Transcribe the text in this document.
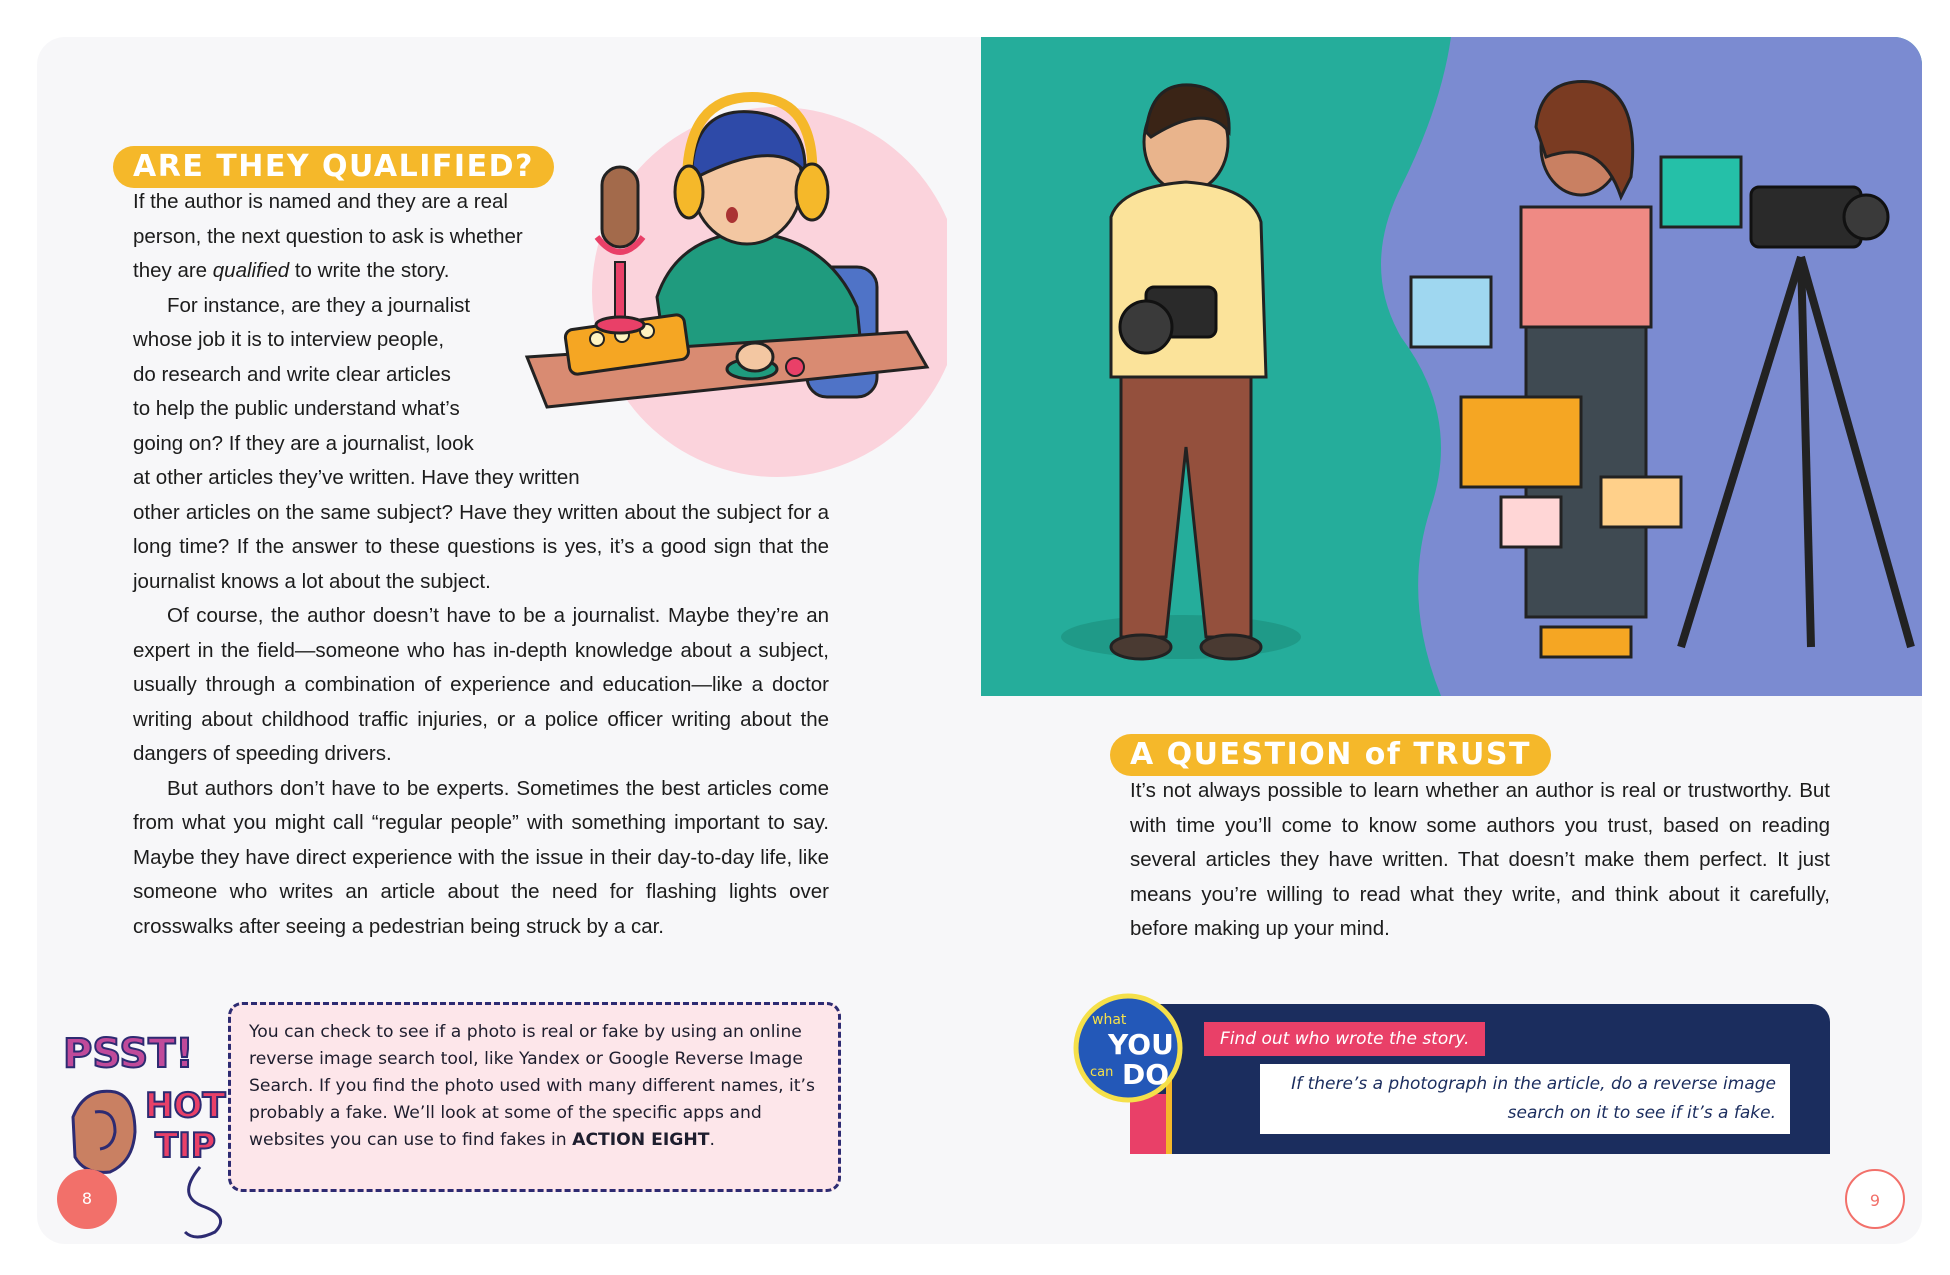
ARE THEY QUALIFIED?

If the author is named and they are a real
person, the next question to ask is whether
they are qualified to write the story.

For instance, are they a journalist
whose job it is to interview people,
do research and write clear articles
to help the public understand what’s
going on? If they are a journalist, look
at other articles they’ve written. Have they written
other articles on the same subject? Have they written about the subject for a long time? If the answer to these questions is yes, it’s a good sign that the journalist knows a lot about the subject.

Of course, the author doesn’t have to be a journalist. Maybe they’re an expert in the field—someone who has in-depth knowledge about a subject, usually through a combination of experience and education—like a doctor writing about childhood traffic injuries, or a police officer writing about the dangers of speeding drivers.

But authors don’t have to be experts. Sometimes the best articles come from what you might call “regular people” with something important to say. Maybe they have direct experience with the issue in their day-to-day life, like someone who writes an article about the need for flashing lights over crosswalks after seeing a pedestrian being struck by a car.

PSST!
HOT
TIP
You can check to see if a photo is real or fake by using an online reverse image search tool, like Yandex or Google Reverse Image Search. If you find the photo used with many different names, it’s probably a fake. We’ll look at some of the specific apps and websites you can use to find fakes in ACTION EIGHT.
8
A QUESTION of TRUST

It’s not always possible to learn whether an author is real or trustworthy. But with time you’ll come to know some authors you trust, based on reading several articles they have written. That doesn’t make them perfect. It just means you’re willing to read what they write, and think about it carefully, before making up your mind.

Find out who wrote the story.
If there’s a photograph in the article, do a reverse image search on it to see if it’s a fake.
what
YOU
can DO
9
